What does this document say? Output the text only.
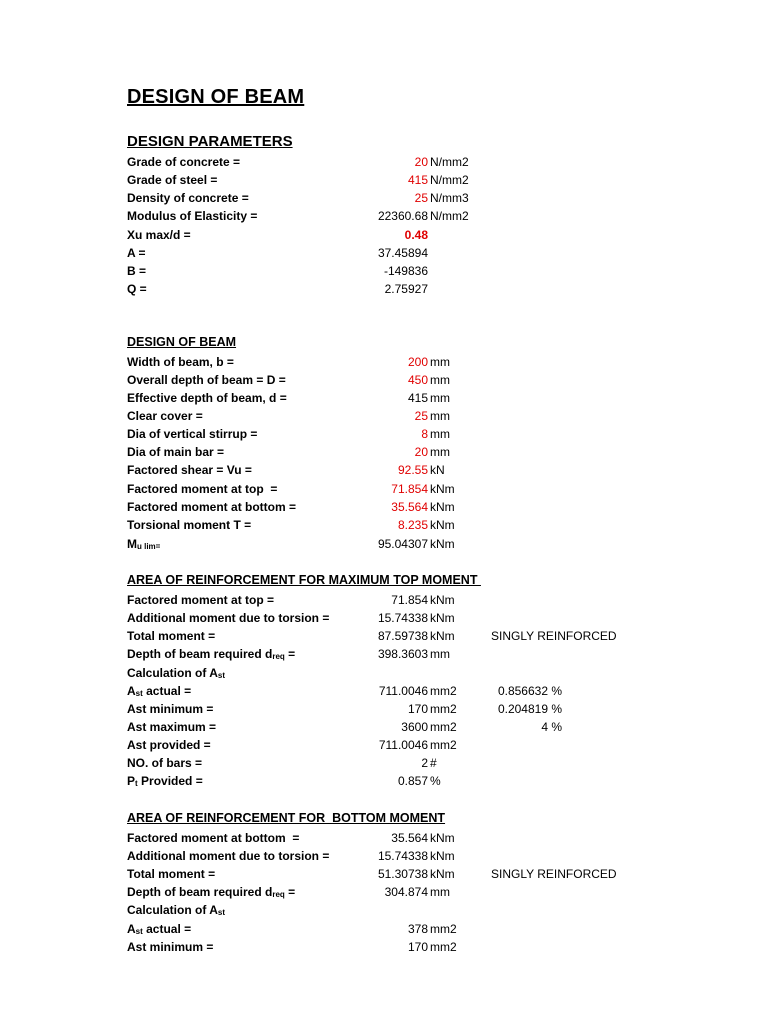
DESIGN OF BEAM
DESIGN PARAMETERS
Grade of concrete =	20 N/mm2
Grade of steel =	415 N/mm2
Density of concrete =	25 N/mm3
Modulus of Elasticity =	22360.68 N/mm2
Xu max/d =	0.48
A =	37.45894
B =	-149836
Q =	2.75927
DESIGN OF BEAM
Width of beam, b =	200 mm
Overall depth of beam = D =	450 mm
Effective depth of beam, d =	415 mm
Clear cover =	25 mm
Dia of vertical stirrup =	8 mm
Dia of main bar =	20 mm
Factored shear = Vu =	92.55 kN
Factored moment at top  =	71.854 kNm
Factored moment at bottom =	35.564 kNm
Torsional moment T =	8.235 kNm
$M_{u lim=}$	95.04307 kNm
AREA OF REINFORCEMENT FOR MAXIMUM TOP MOMENT
Factored moment at top =	71.854 kNm
Additional moment due to torsion =	15.74338 kNm
Total moment =	87.59738 kNm	SINGLY REINFORCED
Depth of beam required $d_{req}$ =	398.3603 mm
Calculation of $A_{st}$
$A_{st}$ actual =	711.0046 mm2	0.856632 %
Ast minimum =	170 mm2	0.204819 %
Ast maximum =	3600 mm2	4 %
Ast provided =	711.0046 mm2
NO. of bars =	2 #
$P_t$ Provided =	0.857 %
AREA OF REINFORCEMENT FOR  BOTTOM MOMENT
Factored moment at bottom  =	35.564 kNm
Additional moment due to torsion =	15.74338 kNm
Total moment =	51.30738 kNm	SINGLY REINFORCED
Depth of beam required $d_{req}$ =	304.874 mm
Calculation of $A_{st}$
$A_{st}$ actual =	378 mm2
Ast minimum =	170 mm2
